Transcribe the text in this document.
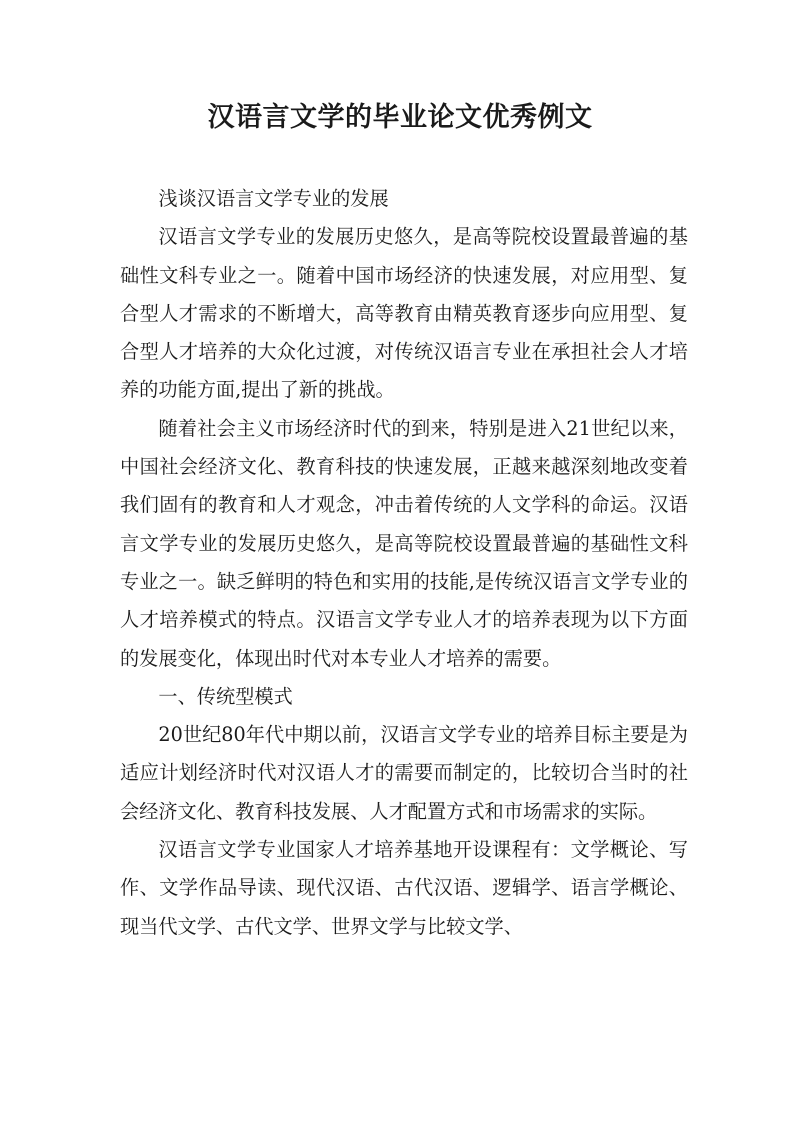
汉语言文学的毕业论文优秀例文

浅谈汉语言文学专业的发展

汉语言文学专业的发展历史悠久，是高等院校设置最普遍的基础性文科专业之一。随着中国市场经济的快速发展，对应用型、复合型人才需求的不断增大，高等教育由精英教育逐步向应用型、复合型人才培养的大众化过渡，对传统汉语言专业在承担社会人才培养的功能方面,提出了新的挑战。

随着社会主义市场经济时代的到来，特别是进入21世纪以来，中国社会经济文化、教育科技的快速发展，正越来越深刻地改变着我们固有的教育和人才观念，冲击着传统的人文学科的命运。汉语言文学专业的发展历史悠久，是高等院校设置最普遍的基础性文科专业之一。缺乏鲜明的特色和实用的技能,是传统汉语言文学专业的人才培养模式的特点。汉语言文学专业人才的培养表现为以下方面的发展变化，体现出时代对本专业人才培养的需要。

一、传统型模式

20世纪80年代中期以前，汉语言文学专业的培养目标主要是为适应计划经济时代对汉语人才的需要而制定的，比较切合当时的社会经济文化、教育科技发展、人才配置方式和市场需求的实际。

汉语言文学专业国家人才培养基地开设课程有：文学概论、写作、文学作品导读、现代汉语、古代汉语、逻辑学、语言学概论、现当代文学、古代文学、世界文学与比较文学、
